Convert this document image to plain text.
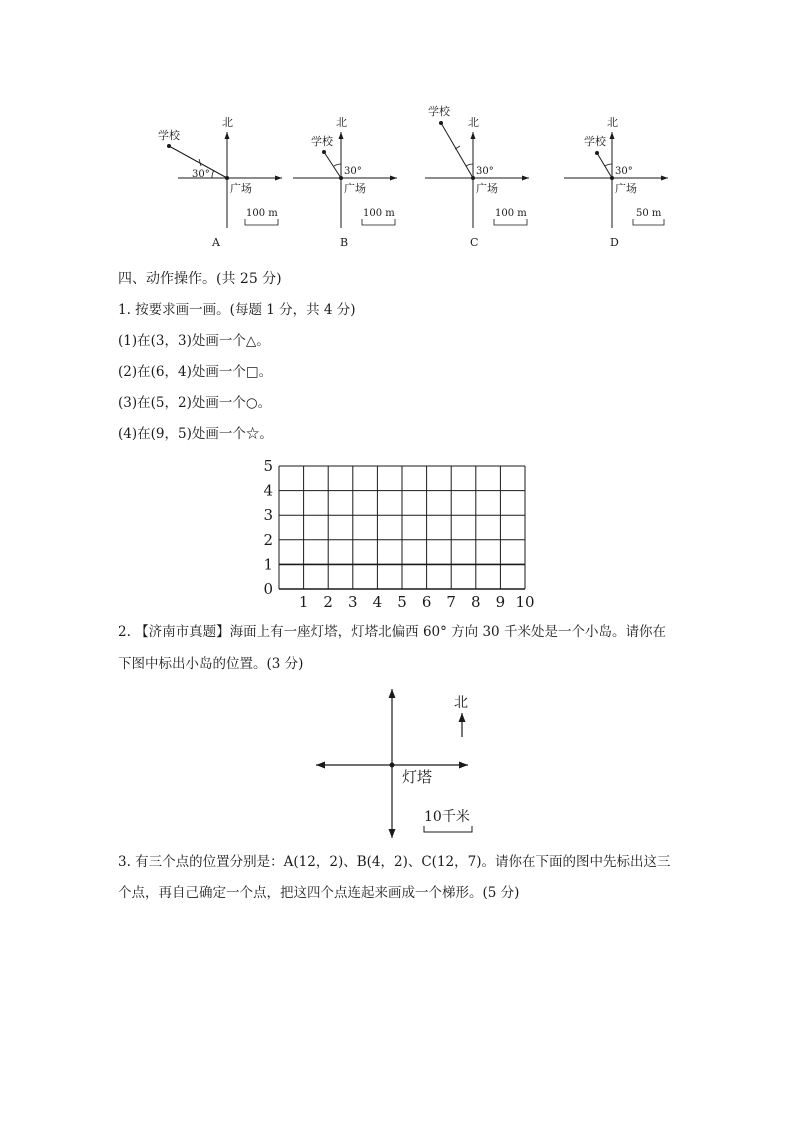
学校
北
30°
广场
100 m
A
学校
北
30°
广场
100 m
B
学校
北
30°
广场
100 m
C
学校
北
30°
广场
50 m
D
四、动作操作。(共 25 分)
1. 按要求画一画。(每题 1 分，共 4 分)
(1)在(3，3)处画一个△。
(2)在(6，4)处画一个□。
(3)在(5，2)处画一个○。
(4)在(9，5)处画一个☆。
1 2 3 4 5 6 7 8 9 10
0
1
2
3
4
5
2. 【济南市真题】海面上有一座灯塔，灯塔北偏西 60° 方向 30 千米处是一个小岛。请你在
下图中标出小岛的位置。(3 分)
北
灯塔
10千米
3. 有三个点的位置分别是：A(12，2)、B(4，2)、C(12，7)。请你在下面的图中先标出这三
个点，再自己确定一个点，把这四个点连起来画成一个梯形。(5 分)
